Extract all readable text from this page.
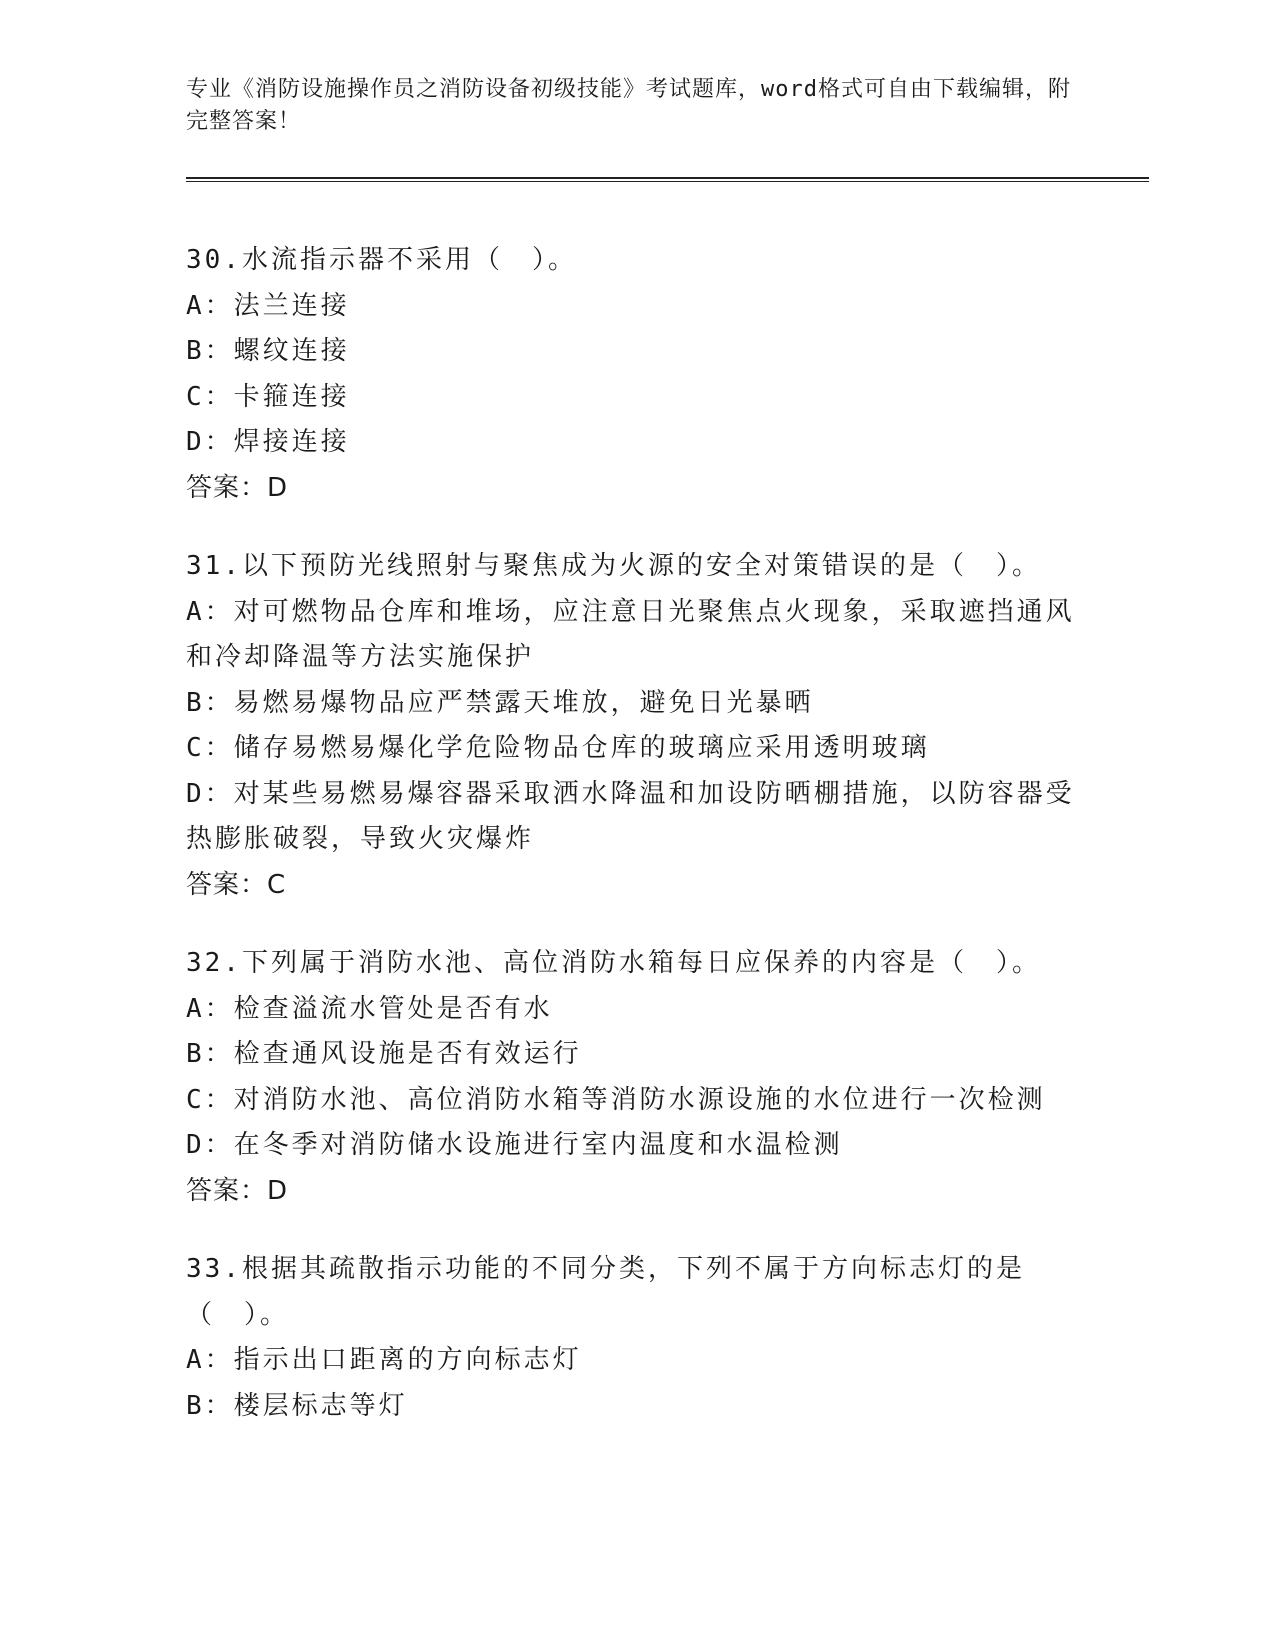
专业《消防设施操作员之消防设备初级技能》考试题库，word格式可自由下载编辑，附完整答案！

30.水流指示器不采用（　）。

A：法兰连接

B：螺纹连接

C：卡箍连接

D：焊接连接

答案：D

31.以下预防光线照射与聚焦成为火源的安全对策错误的是（　）。

A：对可燃物品仓库和堆场，应注意日光聚焦点火现象，采取遮挡通风和冷却降温等方法实施保护

B：易燃易爆物品应严禁露天堆放，避免日光暴晒

C：储存易燃易爆化学危险物品仓库的玻璃应采用透明玻璃

D：对某些易燃易爆容器采取洒水降温和加设防晒棚措施，以防容器受热膨胀破裂，导致火灾爆炸

答案：C

32.下列属于消防水池、高位消防水箱每日应保养的内容是（　）。

A：检查溢流水管处是否有水

B：检查通风设施是否有效运行

C：对消防水池、高位消防水箱等消防水源设施的水位进行一次检测

D：在冬季对消防储水设施进行室内温度和水温检测

答案：D

33.根据其疏散指示功能的不同分类，下列不属于方向标志灯的是（　）。

A：指示出口距离的方向标志灯

B：楼层标志等灯
